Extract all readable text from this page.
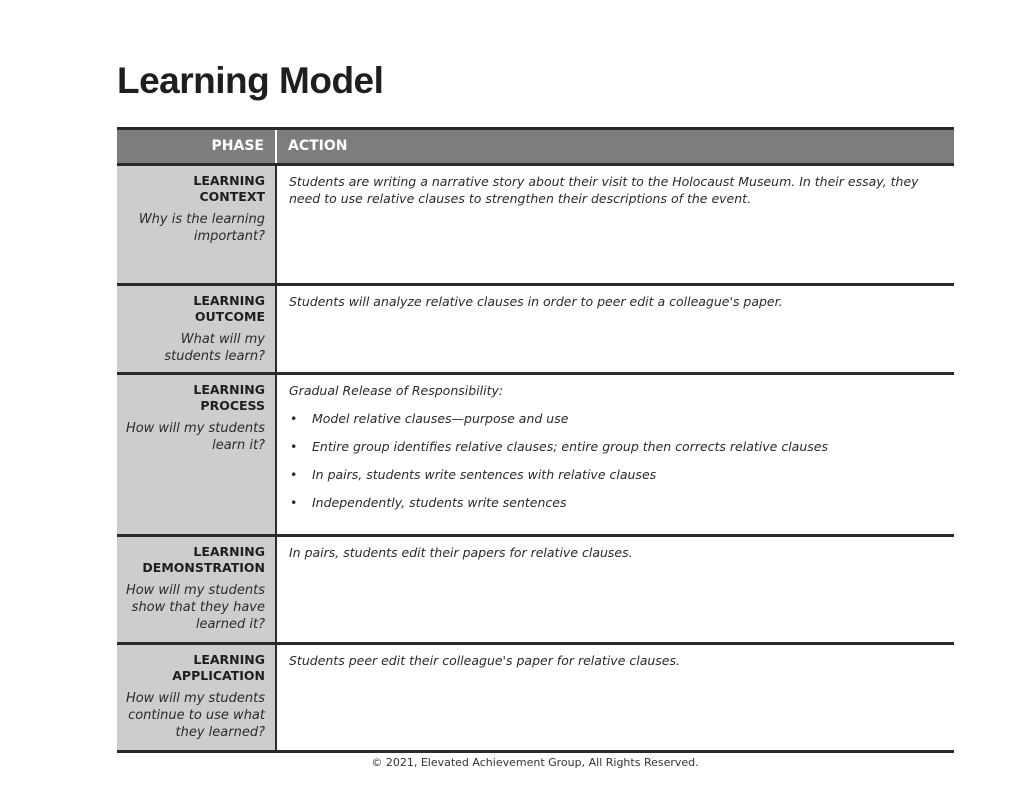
Learning Model
PHASE	ACTION
LEARNING
CONTEXT
Why is the learning important?
Students are writing a narrative story about their visit to the Holocaust Museum. In their essay, they need to use relative clauses to strengthen their descriptions of the event.
LEARNING
OUTCOME
What will my students learn?
Students will analyze relative clauses in order to peer edit a colleague's paper.
LEARNING
PROCESS
How will my students learn it?

Gradual Release of Responsibility:

• Model relative clauses—purpose and use
• Entire group identifies relative clauses; entire group then corrects relative clauses
• In pairs, students write sentences with relative clauses
• Independently, students write sentences
LEARNING
DEMONSTRATION
How will my students show that they have learned it?
In pairs, students edit their papers for relative clauses.
LEARNING
APPLICATION
How will my students continue to use what they learned?
Students peer edit their colleague's paper for relative clauses.
© 2021, Elevated Achievement Group, All Rights Reserved.
